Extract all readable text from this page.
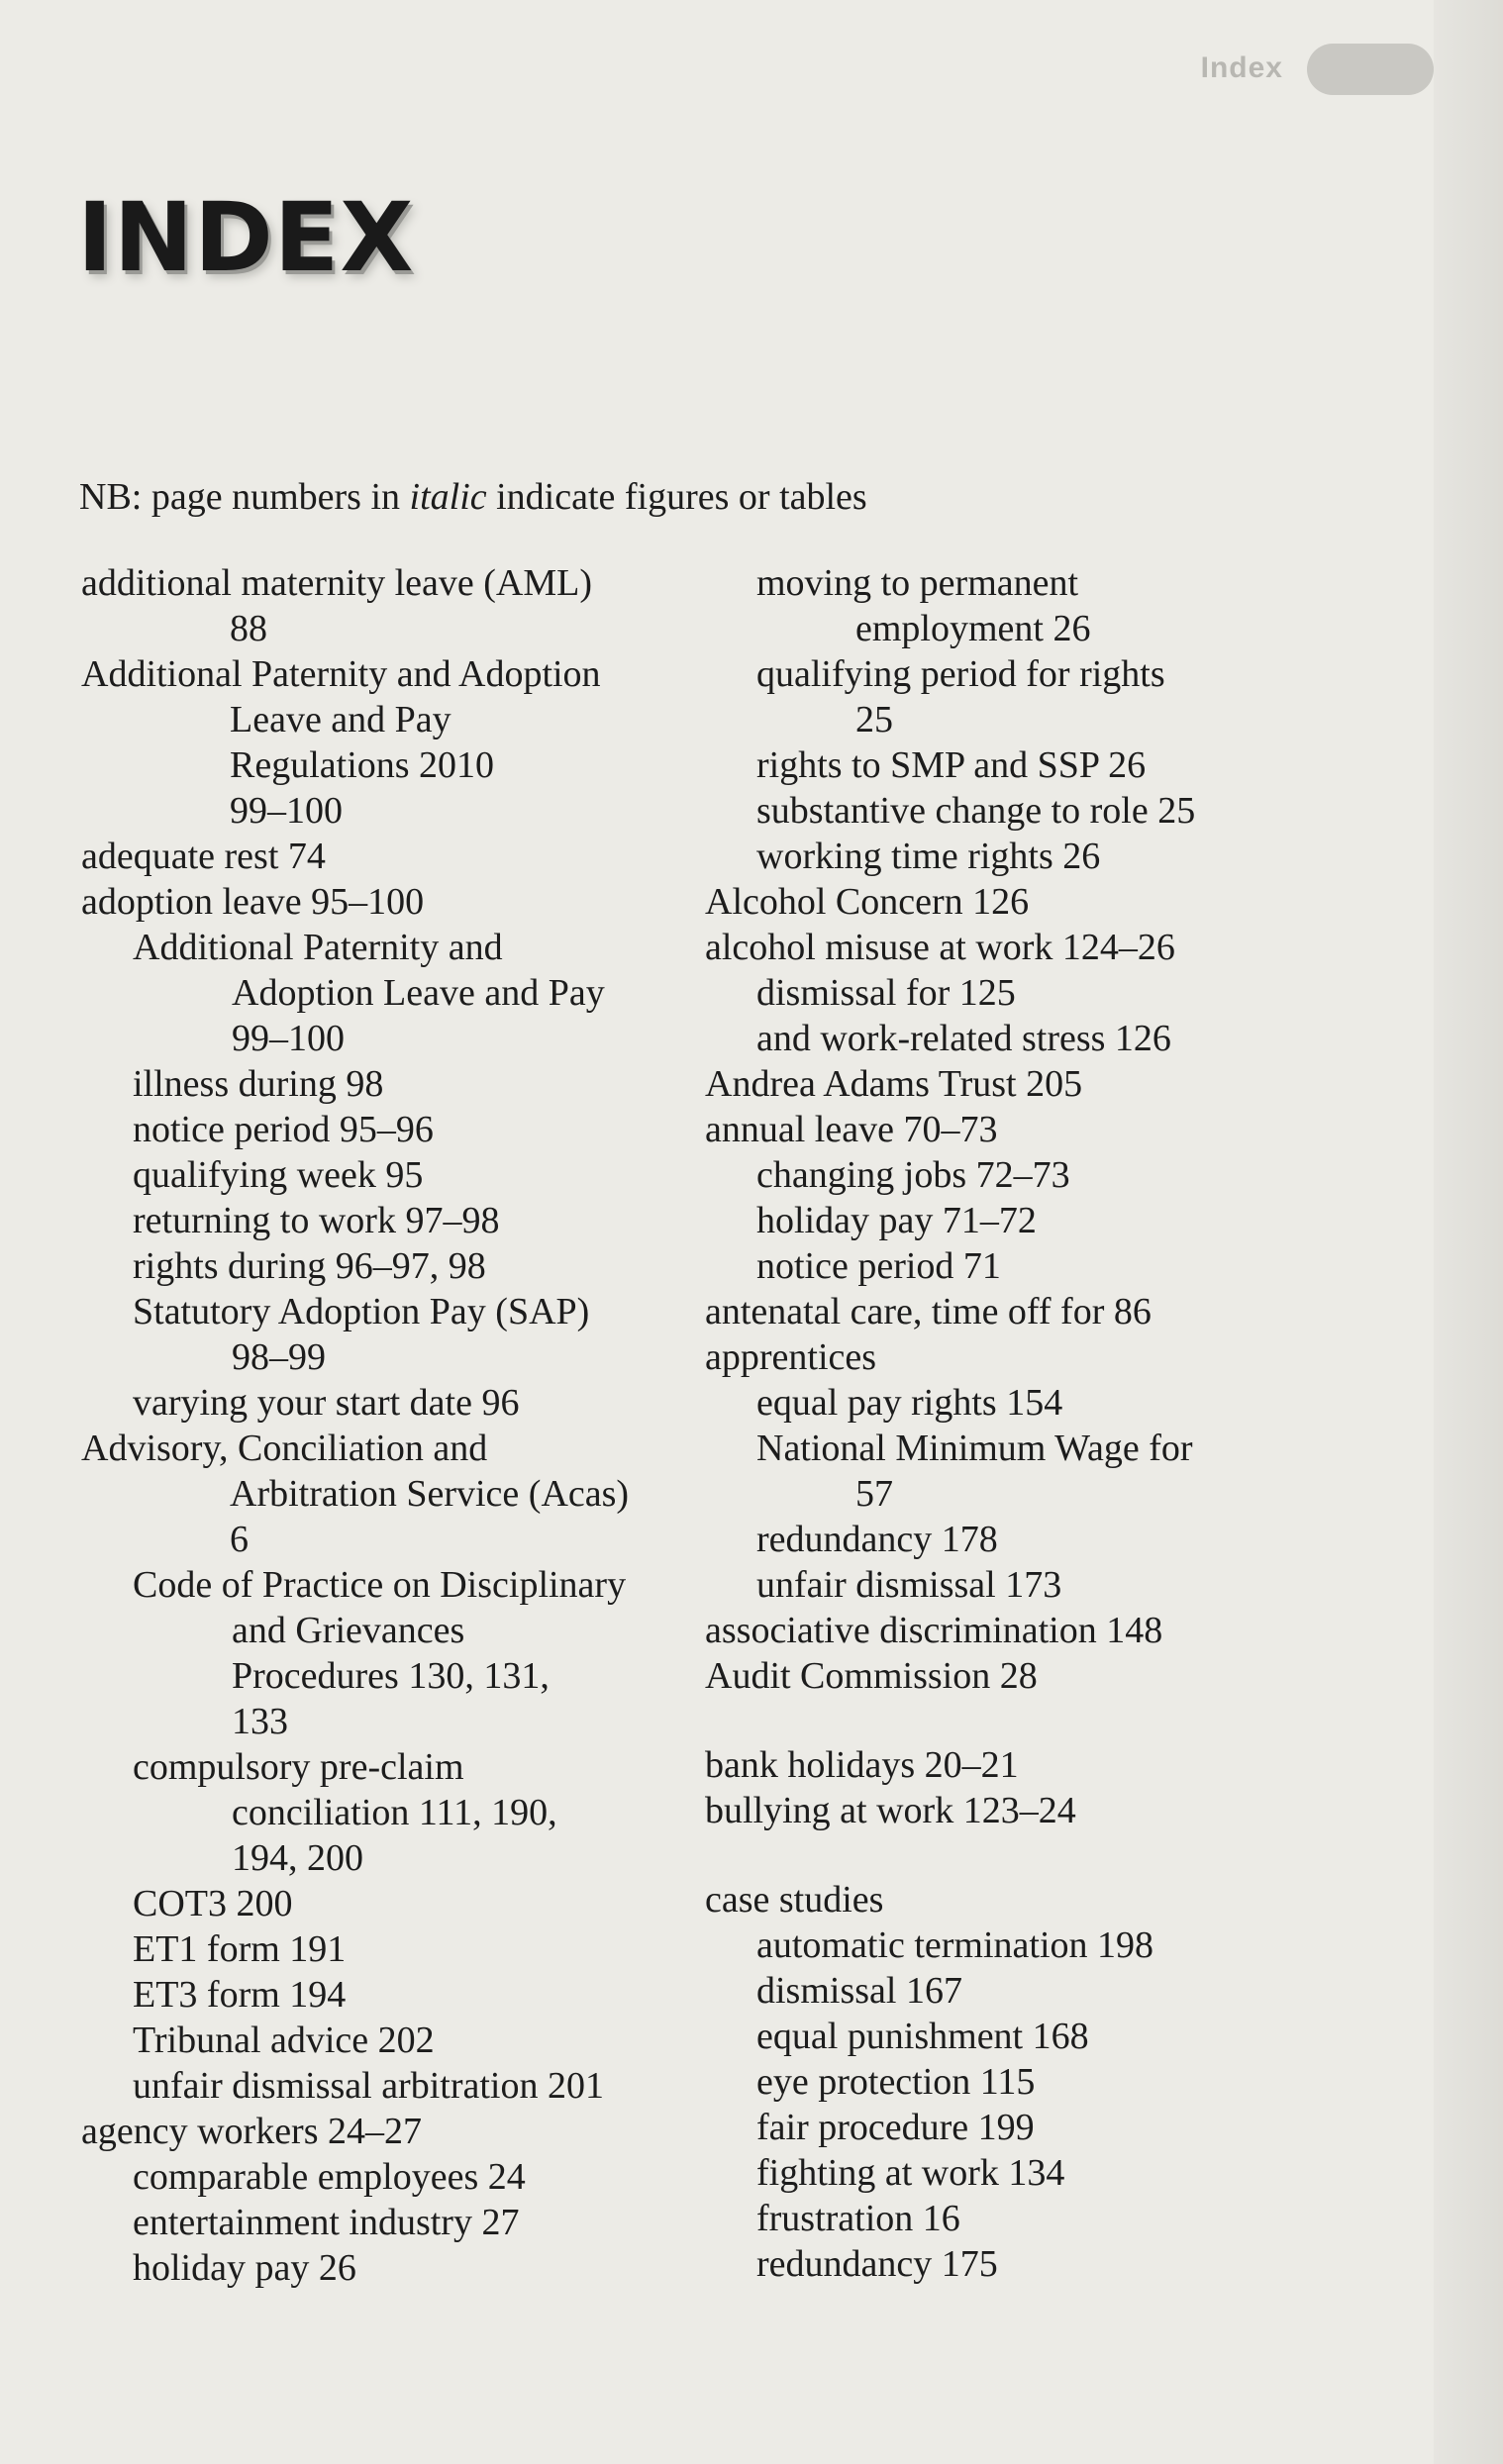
Index
INDEX
NB: page numbers in italic indicate figures or tables
additional maternity leave (AML)
88
Additional Paternity and Adoption
Leave and Pay
Regulations 2010
99–100
adequate rest 74
adoption leave 95–100
Additional Paternity and
Adoption Leave and Pay
99–100
illness during 98
notice period 95–96
qualifying week 95
returning to work 97–98
rights during 96–97, 98
Statutory Adoption Pay (SAP)
98–99
varying your start date 96
Advisory, Conciliation and
Arbitration Service (Acas)
6
Code of Practice on Disciplinary
and Grievances
Procedures 130, 131,
133
compulsory pre-claim
conciliation 111, 190,
194, 200
COT3 200
ET1 form 191
ET3 form 194
Tribunal advice 202
unfair dismissal arbitration 201
agency workers 24–27
comparable employees 24
entertainment industry 27
holiday pay 26
moving to permanent
employment 26
qualifying period for rights
25
rights to SMP and SSP 26
substantive change to role 25
working time rights 26
Alcohol Concern 126
alcohol misuse at work 124–26
dismissal for 125
and work-related stress 126
Andrea Adams Trust 205
annual leave 70–73
changing jobs 72–73
holiday pay 71–72
notice period 71
antenatal care, time off for 86
apprentices
equal pay rights 154
National Minimum Wage for
57
redundancy 178
unfair dismissal 173
associative discrimination 148
Audit Commission 28
bank holidays 20–21
bullying at work 123–24
case studies
automatic termination 198
dismissal 167
equal punishment 168
eye protection 115
fair procedure 199
fighting at work 134
frustration 16
redundancy 175
